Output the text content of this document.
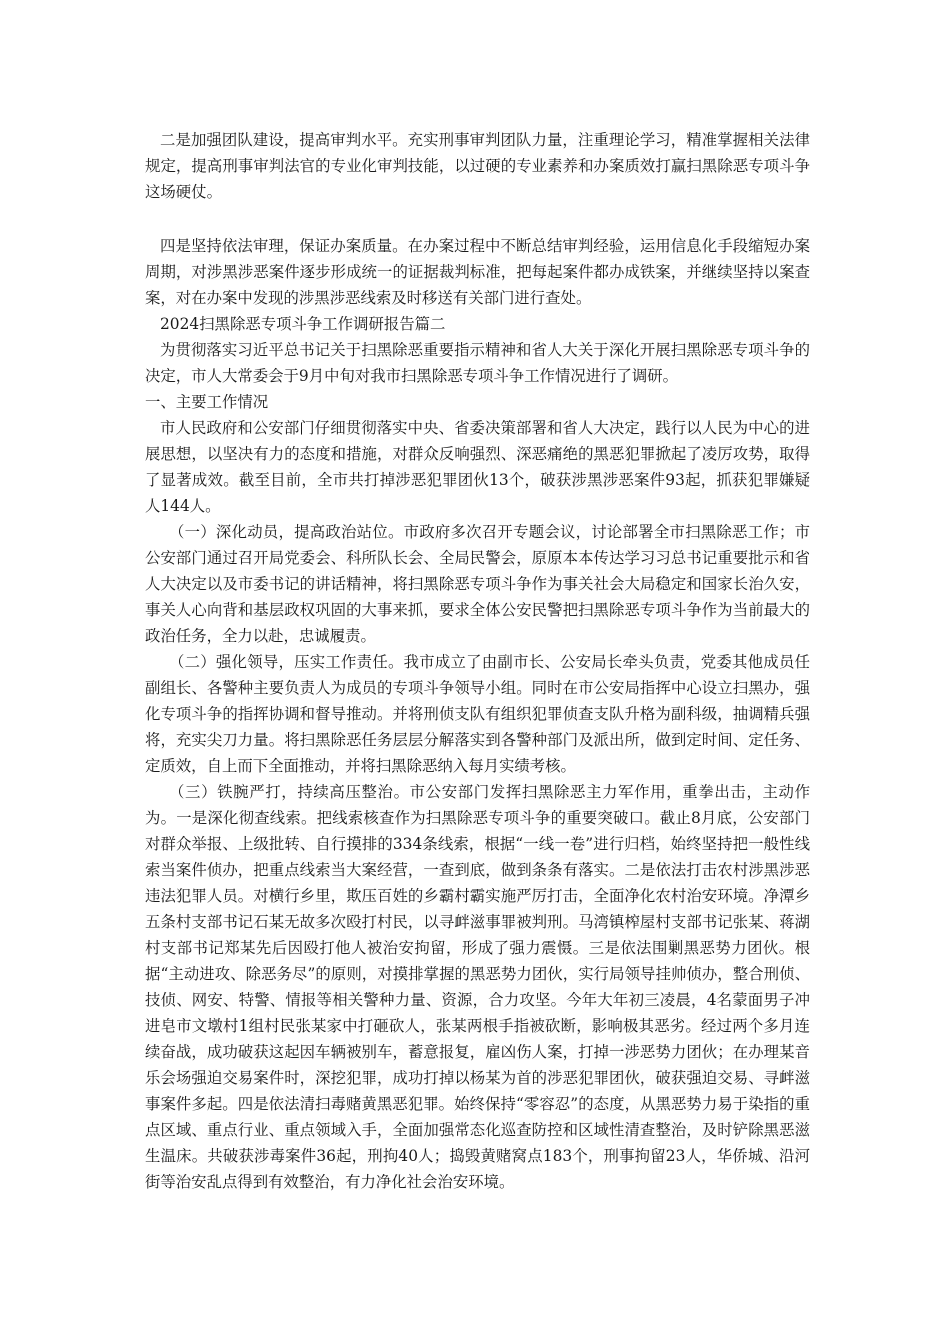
二是加强团队建设，提高审判水平。充实刑事审判团队力量，注重理论学习，精准掌握相关法律规定，提高刑事审判法官的专业化审判技能，以过硬的专业素养和办案质效打赢扫黑除恶专项斗争这场硬仗。

四是坚持依法审理，保证办案质量。在办案过程中不断总结审判经验，运用信息化手段缩短办案周期，对涉黑涉恶案件逐步形成统一的证据裁判标准，把每起案件都办成铁案，并继续坚持以案查案，对在办案中发现的涉黑涉恶线索及时移送有关部门进行查处。

2024扫黑除恶专项斗争工作调研报告篇二

为贯彻落实习近平总书记关于扫黑除恶重要指示精神和省人大关于深化开展扫黑除恶专项斗争的决定，市人大常委会于9月中旬对我市扫黑除恶专项斗争工作情况进行了调研。

一、主要工作情况

市人民政府和公安部门仔细贯彻落实中央、省委决策部署和省人大决定，践行以人民为中心的进展思想，以坚决有力的态度和措施，对群众反响强烈、深恶痛绝的黑恶犯罪掀起了凌厉攻势，取得了显著成效。截至目前，全市共打掉涉恶犯罪团伙13个，破获涉黑涉恶案件93起，抓获犯罪嫌疑人144人。

（一）深化动员，提高政治站位。市政府多次召开专题会议，讨论部署全市扫黑除恶工作；市公安部门通过召开局党委会、科所队长会、全局民警会，原原本本传达学习习总书记重要批示和省人大决定以及市委书记的讲话精神，将扫黑除恶专项斗争作为事关社会大局稳定和国家长治久安，事关人心向背和基层政权巩固的大事来抓，要求全体公安民警把扫黑除恶专项斗争作为当前最大的政治任务，全力以赴，忠诚履责。

（二）强化领导，压实工作责任。我市成立了由副市长、公安局长牵头负责，党委其他成员任副组长、各警种主要负责人为成员的专项斗争领导小组。同时在市公安局指挥中心设立扫黑办，强化专项斗争的指挥协调和督导推动。并将刑侦支队有组织犯罪侦查支队升格为副科级，抽调精兵强将，充实尖刀力量。将扫黑除恶任务层层分解落实到各警种部门及派出所，做到定时间、定任务、定质效，自上而下全面推动，并将扫黑除恶纳入每月实绩考核。

（三）铁腕严打，持续高压整治。市公安部门发挥扫黑除恶主力军作用，重拳出击，主动作为。一是深化彻查线索。把线索核查作为扫黑除恶专项斗争的重要突破口。截止8月底，公安部门对群众举报、上级批转、自行摸排的334条线索，根据“一线一卷”进行归档，始终坚持把一般性线索当案件侦办，把重点线索当大案经营，一查到底，做到条条有落实。二是依法打击农村涉黑涉恶违法犯罪人员。对横行乡里，欺压百姓的乡霸村霸实施严厉打击，全面净化农村治安环境。净潭乡五条村支部书记石某无故多次殴打村民，以寻衅滋事罪被判刑。马湾镇榨屋村支部书记张某、蒋湖村支部书记郑某先后因殴打他人被治安拘留，形成了强力震慑。三是依法围剿黑恶势力团伙。根据“主动进攻、除恶务尽”的原则，对摸排掌握的黑恶势力团伙，实行局领导挂帅侦办，整合刑侦、技侦、网安、特警、情报等相关警种力量、资源，合力攻坚。今年大年初三凌晨，4名蒙面男子冲进皂市文墩村1组村民张某家中打砸砍人，张某两根手指被砍断，影响极其恶劣。经过两个多月连续奋战，成功破获这起因车辆被别车，蓄意报复，雇凶伤人案，打掉一涉恶势力团伙；在办理某音乐会场强迫交易案件时，深挖犯罪，成功打掉以杨某为首的涉恶犯罪团伙，破获强迫交易、寻衅滋事案件多起。四是依法清扫毒赌黄黑恶犯罪。始终保持“零容忍”的态度，从黑恶势力易于染指的重点区域、重点行业、重点领域入手，全面加强常态化巡查防控和区域性清查整治，及时铲除黑恶滋生温床。共破获涉毒案件36起，刑拘40人；捣毁黄赌窝点183个，刑事拘留23人，华侨城、沿河街等治安乱点得到有效整治，有力净化社会治安环境。
